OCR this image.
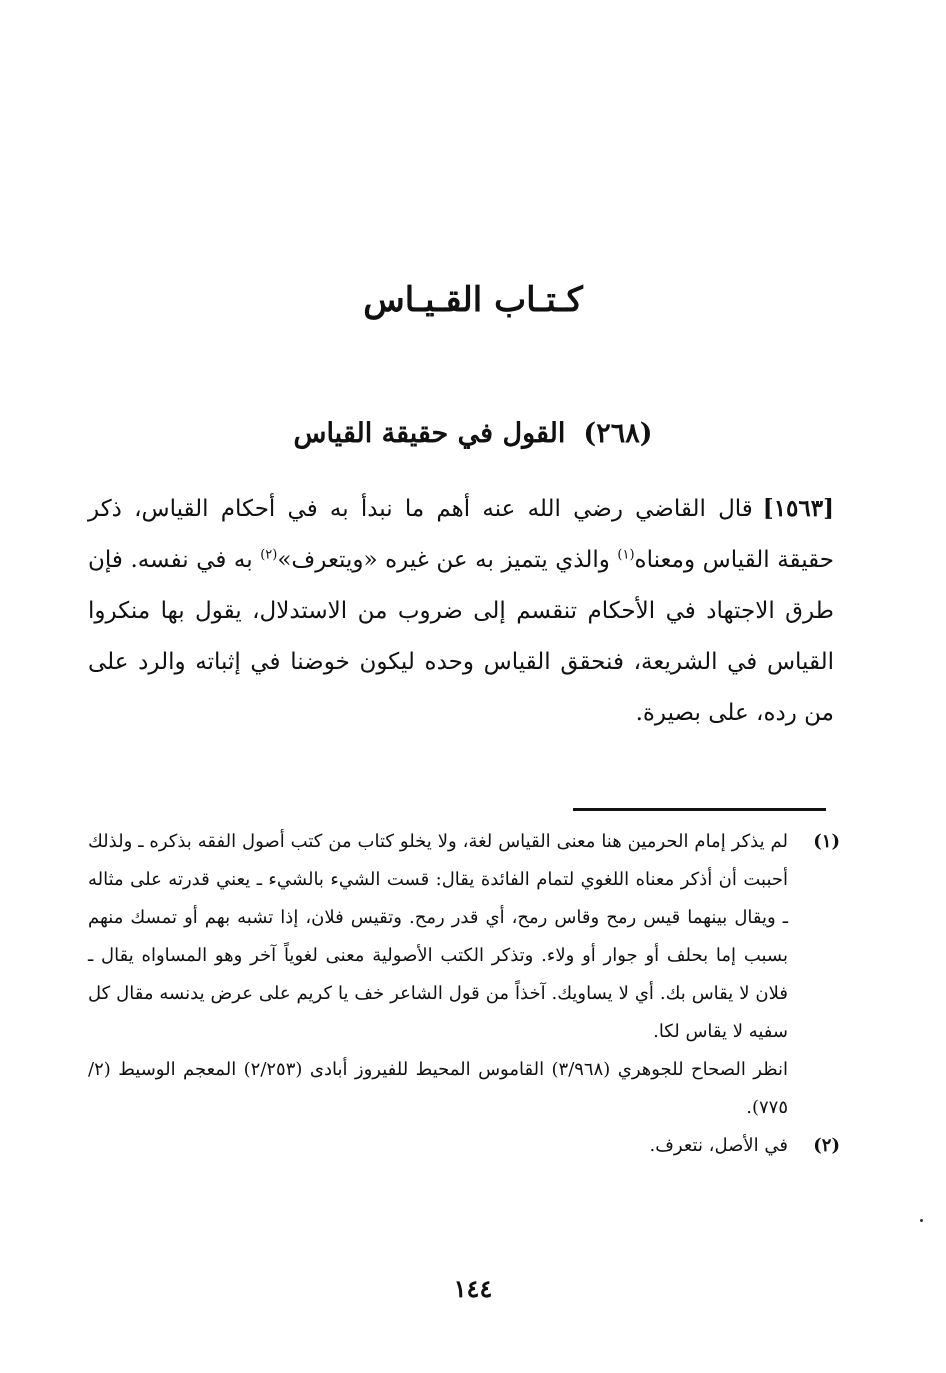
كـتـاب القـيـاس
(٢٦٨)القول في حقيقة القياس

[١٥٦٣]قال القاضي رضي الله عنه أهم ما نبدأ به في أحكام القياس، ذكر حقيقة القياس ومعناه$^{(١)}$ والذي يتميز به عن غيره «ويتعرف»$^{(٢)}$ به في نفسه. فإن طرق الاجتهاد في الأحكام تنقسم إلى ضروب من الاستدلال، يقول بها منكروا القياس في الشريعة، فنحقق القياس وحده ليكون خوضنا في إثباته والرد على من رده، على بصيرة.

(١)
لم يذكر إمام الحرمين هنا معنى القياس لغة، ولا يخلو كتاب من كتب أصول الفقه بذكره ـ ولذلك أحببت أن أذكر معناه اللغوي لتمام الفائدة يقال: قست الشيء بالشيء ـ يعني قدرته على مثاله ـ ويقال بينهما قيس رمح وقاس رمح، أي قدر رمح. وتقيس فلان، إذا تشبه بهم أو تمسك منهم بسبب إما بحلف أو جوار أو ولاء. وتذكر الكتب الأصولية معنى لغوياً آخر وهو المساواه يقال ـ فلان لا يقاس بك. أي لا يساويك. آخذاً من قول الشاعر خف يا كريم على عرض يدنسه مقال كل سفيه لا يقاس لكا.
انظر الصحاح للجوهري (٣/٩٦٨) القاموس المحيط للفيروز أبادى (٢/٢٥٣) المعجم الوسيط (٢/ ٧٧٥).
(٢)
في الأصل، نتعرف.
١٤٤
